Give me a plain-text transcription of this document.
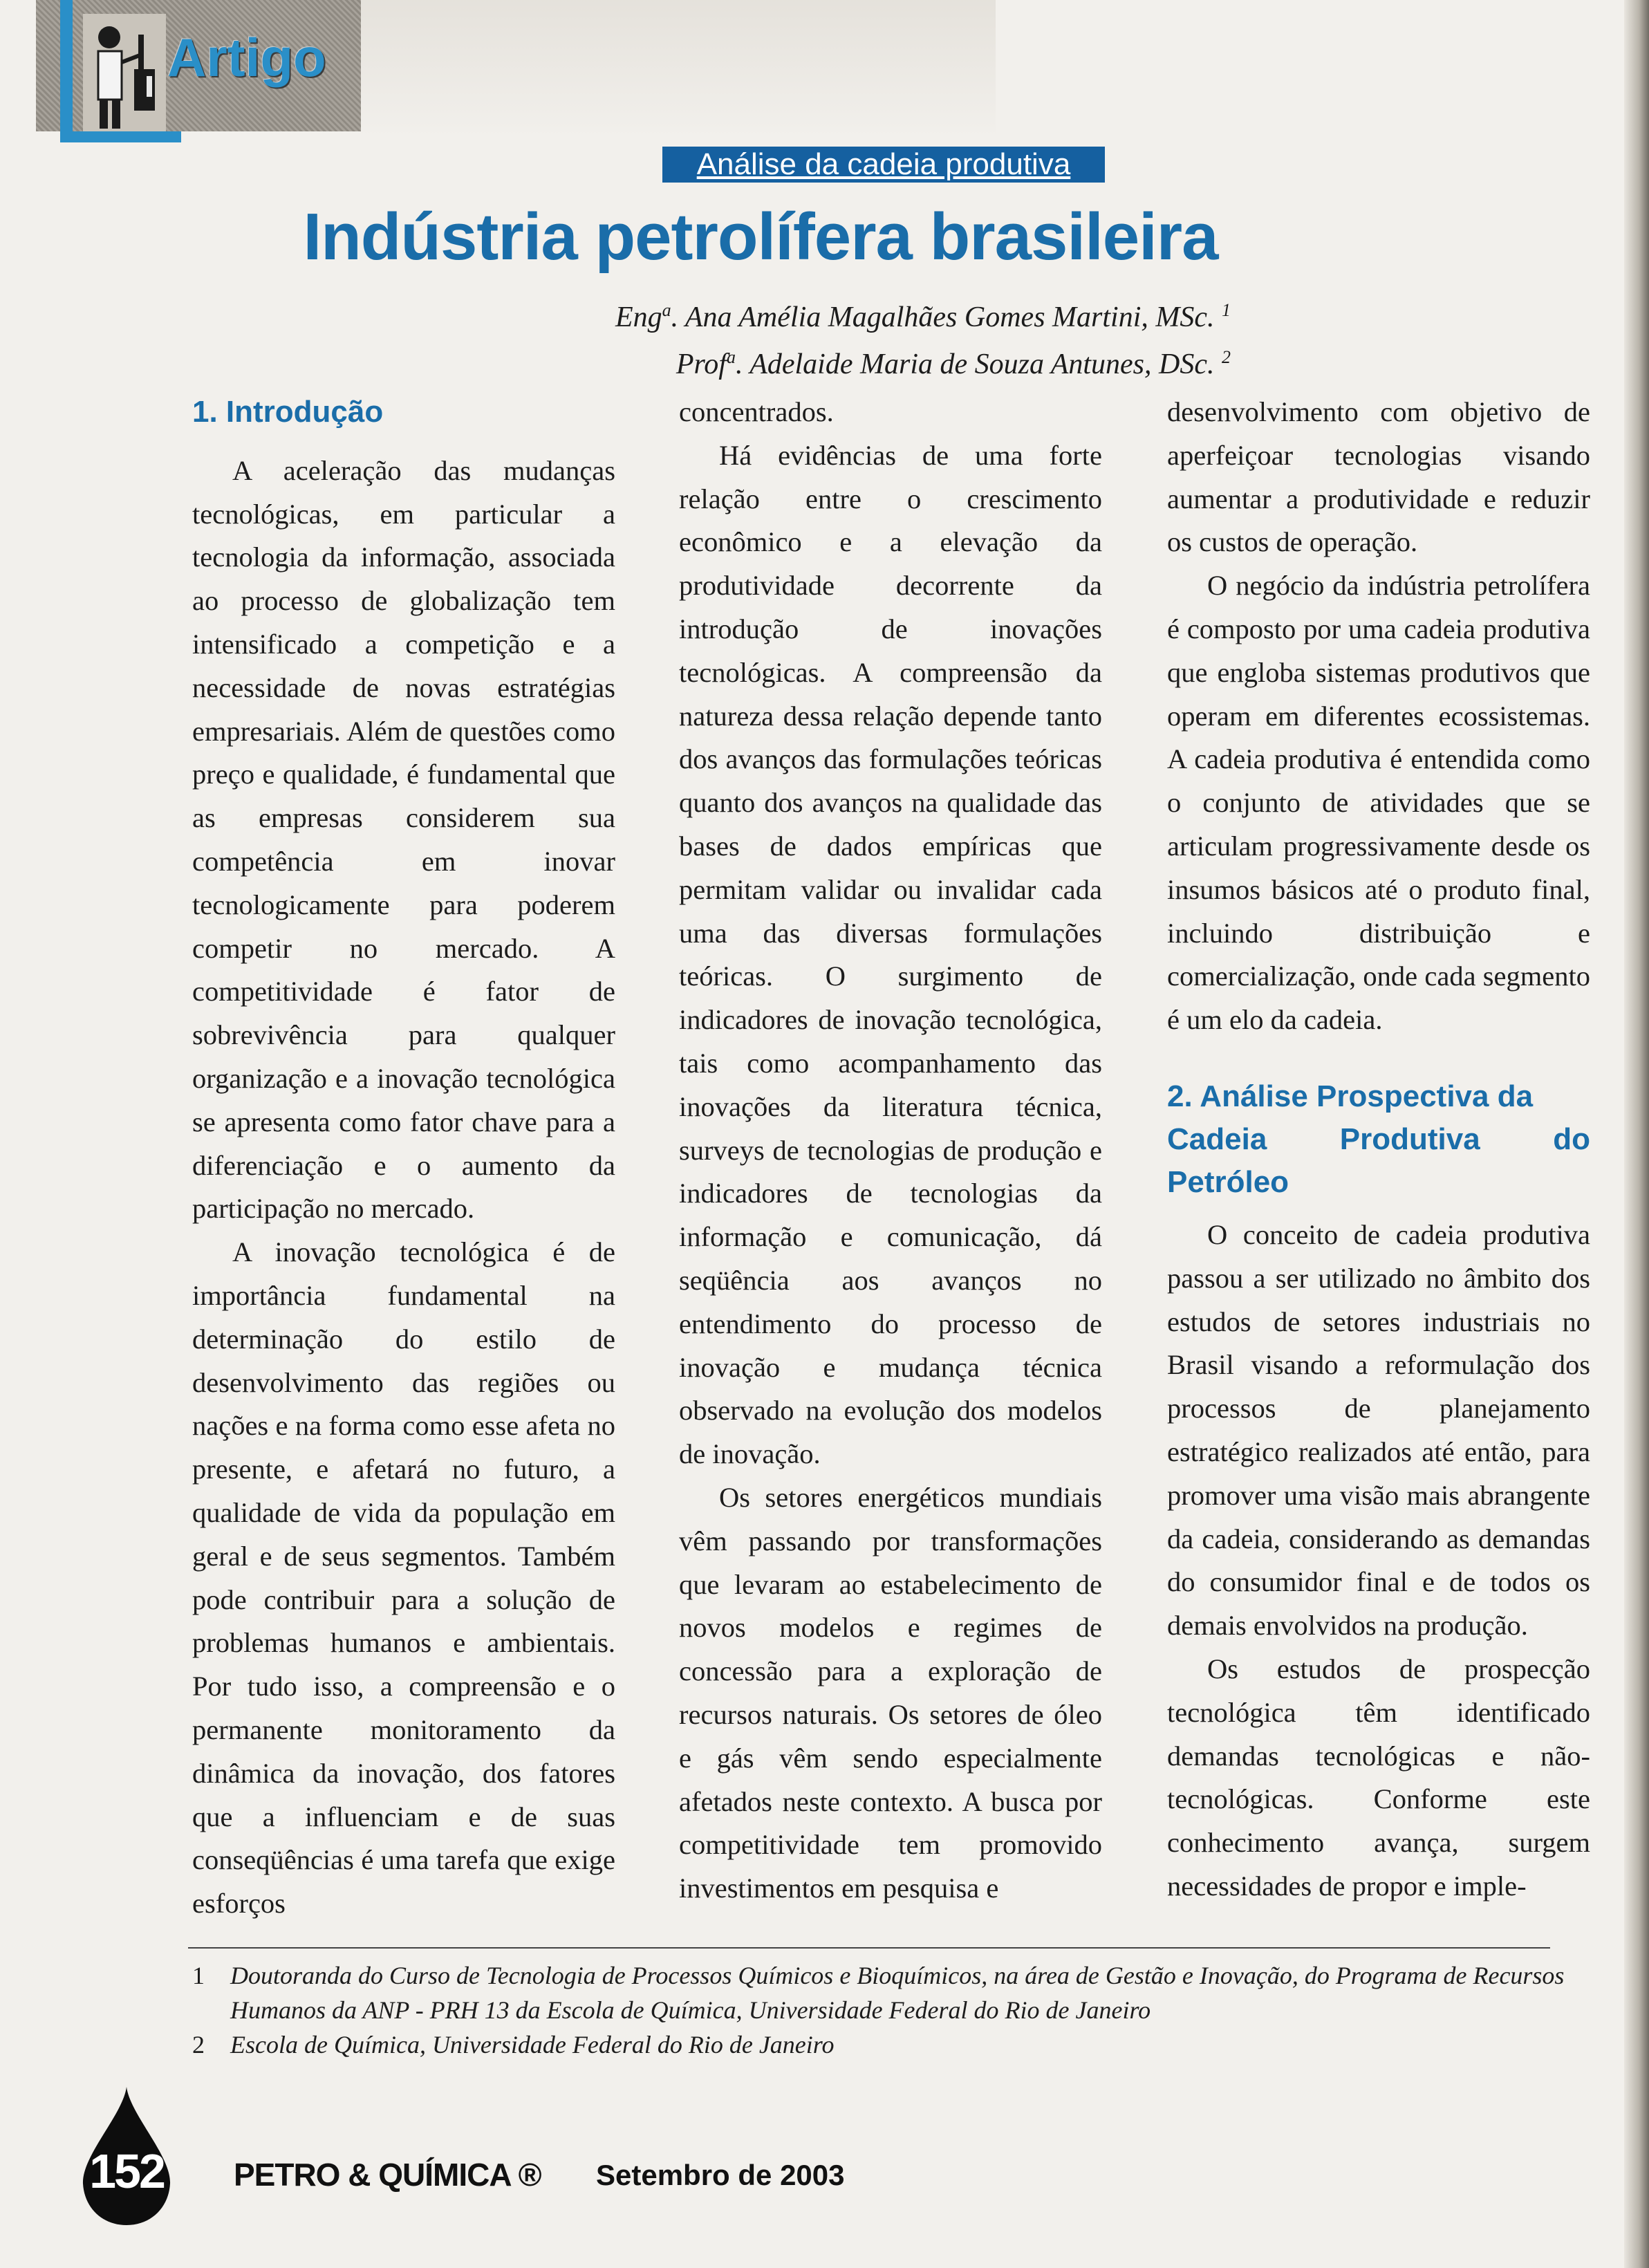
Artigo
Análise da cadeia produtiva
Indústria petrolífera brasileira
Eng$^a$. Ana Amélia Magalhães Gomes Martini, MSc. $^1$
Prof$^a$. Adelaide Maria de Souza Antunes, DSc. $^2$
1. Introdução

A aceleração das mudanças tecnológicas, em particular a tecnologia da informação, associada ao processo de globalização tem intensificado a competição e a necessidade de novas estratégias empresariais. Além de questões como preço e qualidade, é fundamental que as empresas considerem sua competência em inovar tecnologicamente para poderem competir no mercado. A competitividade é fator de sobrevivência para qualquer organização e a inovação tecnológica se apresenta como fator chave para a diferenciação e o aumento da participação no mercado.

A inovação tecnológica é de importância fundamental na determinação do estilo de desenvolvimento das regiões ou nações e na forma como esse afeta no presente, e afetará no futuro, a qualidade de vida da população em geral e de seus segmentos. Também pode contribuir para a solução de problemas humanos e ambientais. Por tudo isso, a compreensão e o permanente monitoramento da dinâmica da inovação, dos fatores que a influenciam e de suas conseqüências é uma tarefa que exige esforços

concentrados.

Há evidências de uma forte relação entre o crescimento econômico e a elevação da produtividade decorrente da introdução de inovações tecnológicas. A compreensão da natureza dessa relação depende tanto dos avanços das formulações teóricas quanto dos avanços na qualidade das bases de dados empíricas que permitam validar ou invalidar cada uma das diversas formulações teóricas. O surgimento de indicadores de inovação tecnológica, tais como acompanhamento das inovações da literatura técnica, surveys de tecnologias de produção e indicadores de tecnologias da informação e comunicação, dá seqüência aos avanços no entendimento do processo de inovação e mudança técnica observado na evolução dos modelos de inovação.

Os setores energéticos mundiais vêm passando por transformações que levaram ao estabelecimento de novos modelos e regimes de concessão para a exploração de recursos naturais. Os setores de óleo e gás vêm sendo especialmente afetados neste contexto. A busca por competitividade tem promovido investimentos em pesquisa e

desenvolvimento com objetivo de aperfeiçoar tecnologias visando aumentar a produtividade e reduzir os custos de operação.

O negócio da indústria petrolífera é composto por uma cadeia produtiva que engloba sistemas produtivos que operam em diferentes ecossistemas. A cadeia produtiva é entendida como o conjunto de atividades que se articulam progressivamente desde os insumos básicos até o produto final, incluindo distribuição e comercialização, onde cada segmento é um elo da cadeia.

2. Análise Prospectiva da
Cadeia Produtiva do Petróleo

O conceito de cadeia produtiva passou a ser utilizado no âmbito dos estudos de setores industriais no Brasil visando a reformulação dos processos de planejamento estratégico realizados até então, para promover uma visão mais abrangente da cadeia, considerando as demandas do consumidor final e de todos os demais envolvidos na produção.

Os estudos de prospecção tecnológica têm identificado demandas tecnológicas e não-tecnológicas. Conforme este conhecimento avança, surgem necessidades de propor e imple-

1 Doutoranda do Curso de Tecnologia de Processos Químicos e Bioquímicos, na área de Gestão e Inovação, do Programa de Recursos Humanos da ANP - PRH 13 da Escola de Química, Universidade Federal do Rio de Janeiro
2 Escola de Química, Universidade Federal do Rio de Janeiro
152 PETRO & QUÍMICA ® Setembro de 2003
